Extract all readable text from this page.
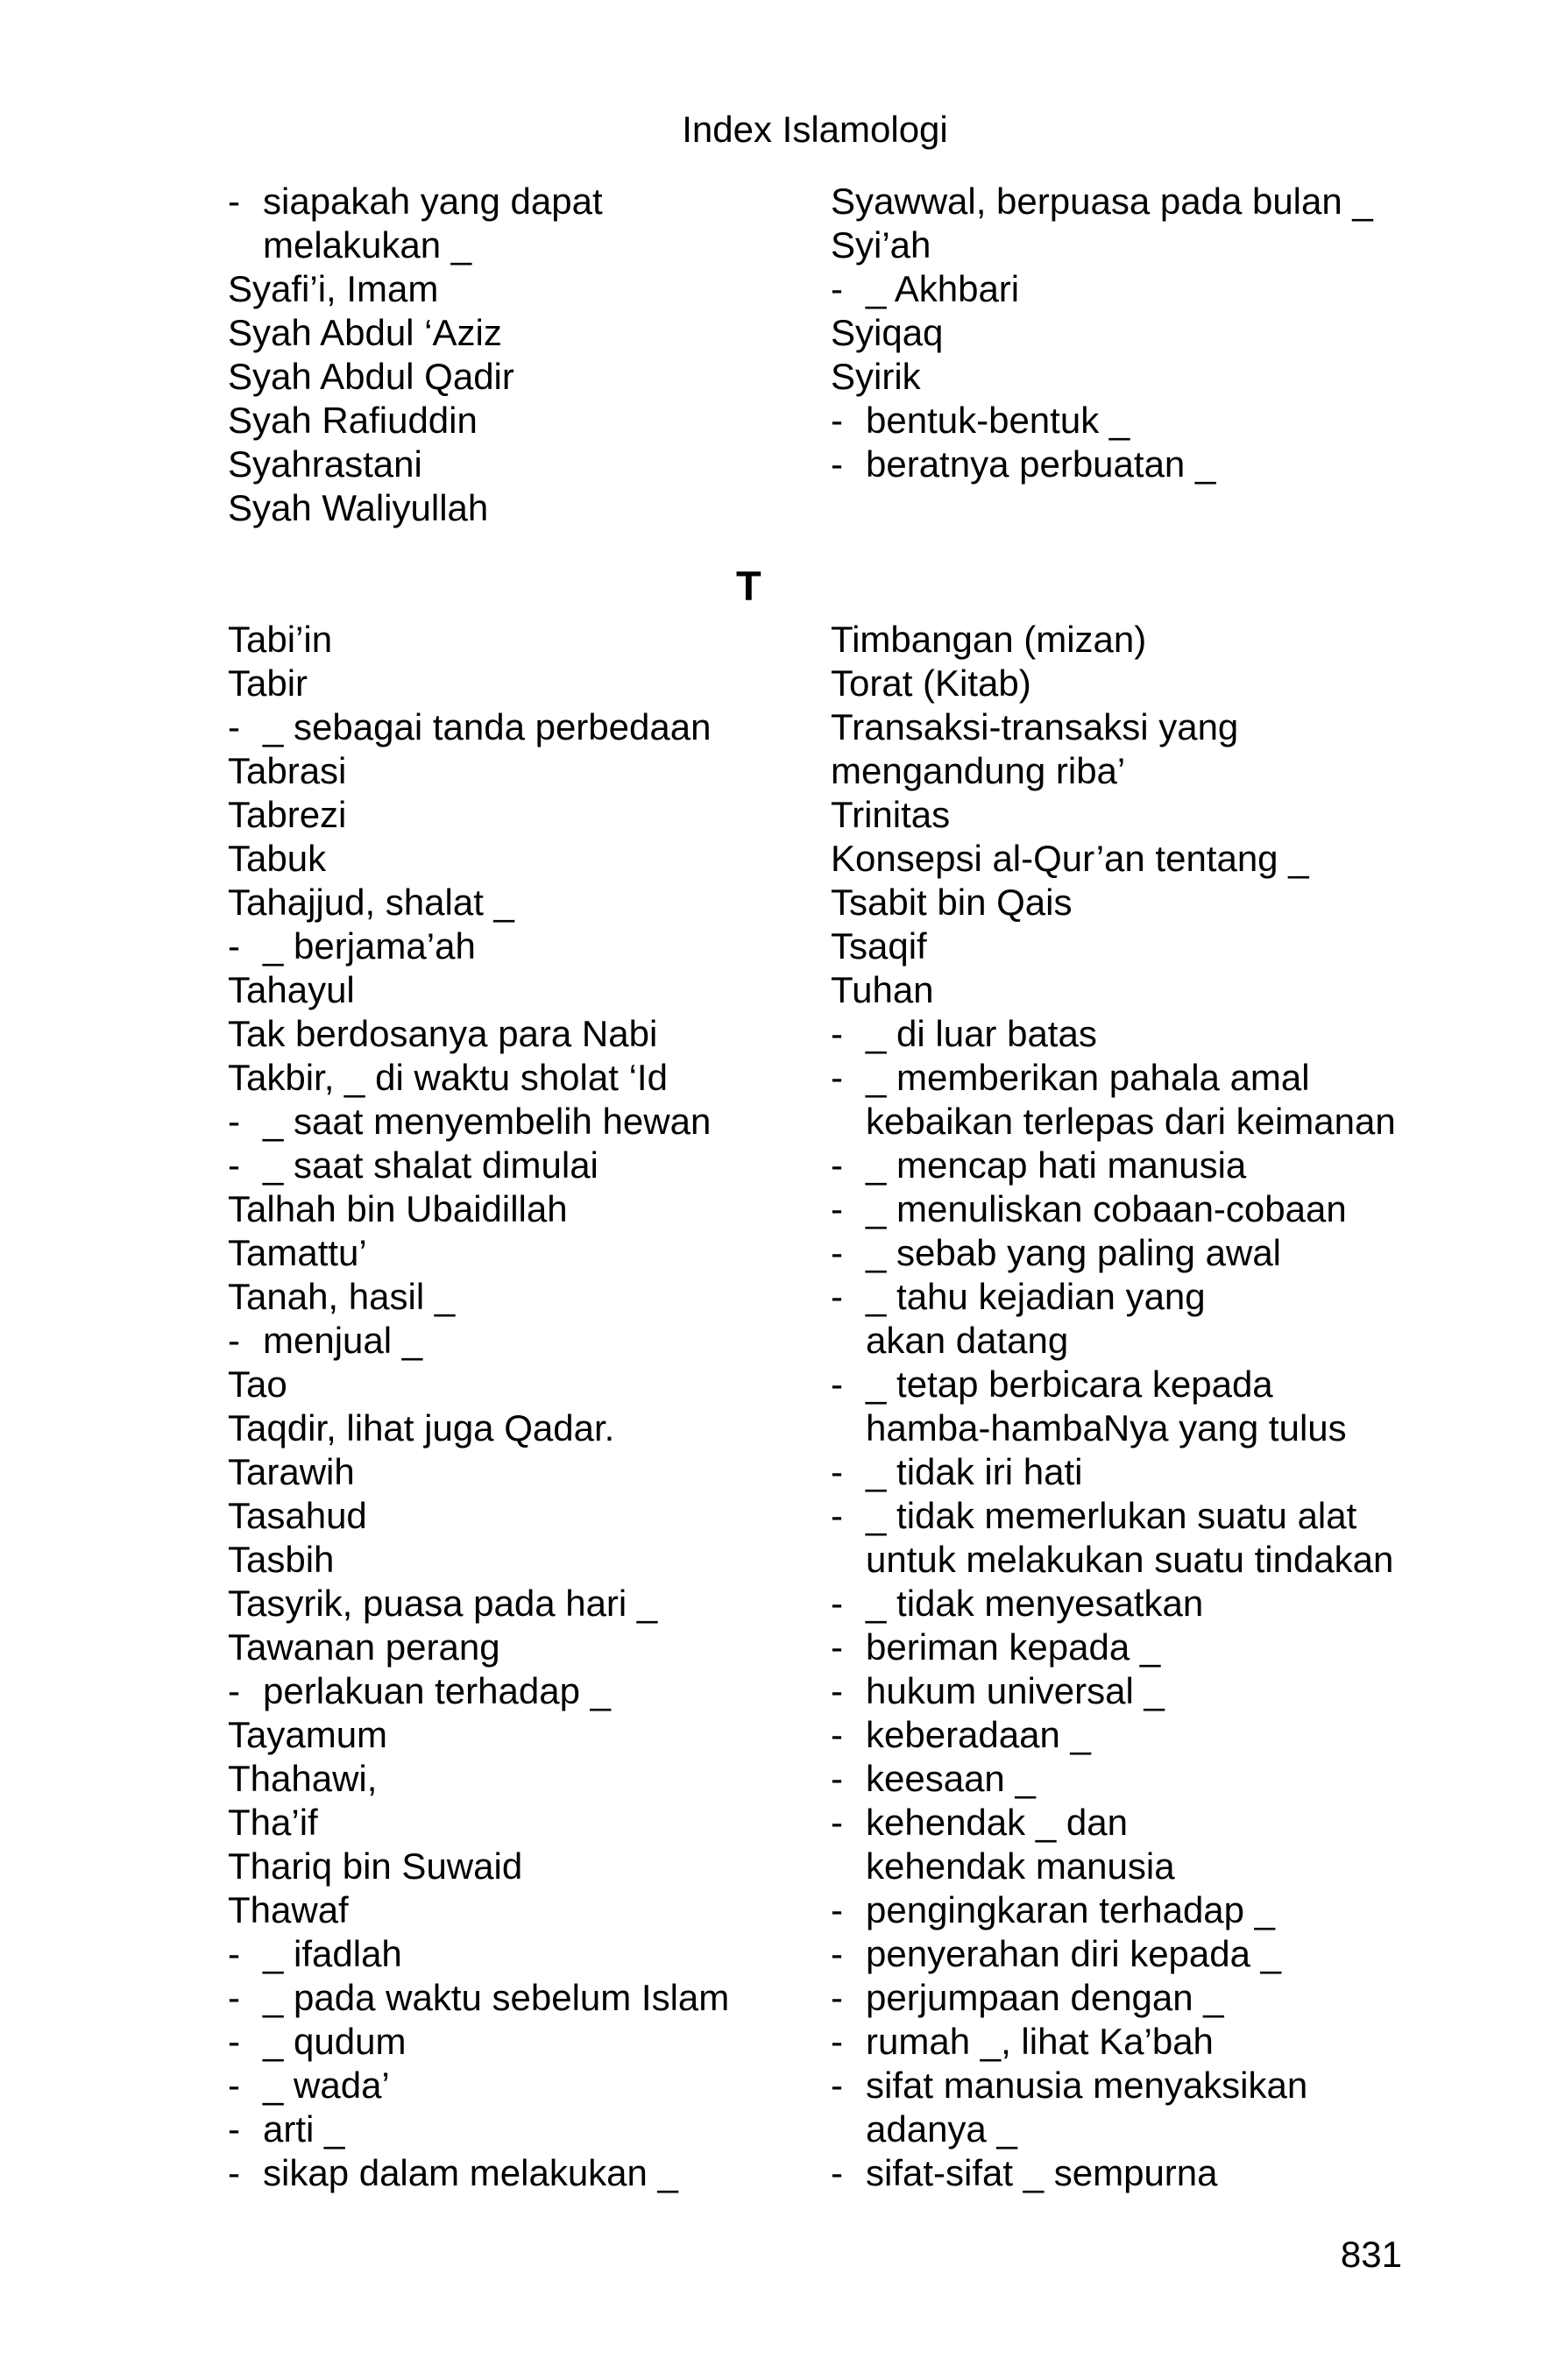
Index Islamologi
- siapakah yang dapat
melakukan _
Syafi’i, Imam
Syah Abdul ‘Aziz
Syah Abdul Qadir
Syah Rafiuddin
Syahrastani
Syah Waliyullah
Syawwal, berpuasa pada bulan _
Syi’ah
- _ Akhbari
Syiqaq
Syirik
- bentuk-bentuk _
- beratnya perbuatan _
T
Tabi’in
Tabir
- _ sebagai tanda perbedaan
Tabrasi
Tabrezi
Tabuk
Tahajjud, shalat _
- _ berjama’ah
Tahayul
Tak berdosanya para Nabi
Takbir, _ di waktu sholat ‘Id
- _ saat menyembelih hewan
- _ saat shalat dimulai
Talhah bin Ubaidillah
Tamattu’
Tanah, hasil _
- menjual _
Tao
Taqdir, lihat juga Qadar.
Tarawih
Tasahud
Tasbih
Tasyrik, puasa pada hari _
Tawanan perang
- perlakuan terhadap _
Tayamum
Thahawi,
Tha’if
Thariq bin Suwaid
Thawaf
- _ ifadlah
- _ pada waktu sebelum Islam
- _ qudum
- _ wada’
- arti _
- sikap dalam melakukan _
Timbangan (mizan)
Torat (Kitab)
Transaksi-transaksi yang
mengandung riba’
Trinitas
Konsepsi al-Qur’an tentang _
Tsabit bin Qais
Tsaqif
Tuhan
- _ di luar batas
- _ memberikan pahala amal
kebaikan terlepas dari keimanan
- _ mencap hati manusia
- _ menuliskan cobaan-cobaan
- _ sebab yang paling awal
- _ tahu kejadian yang
akan datang
- _ tetap berbicara kepada
hamba-hambaNya yang tulus
- _ tidak iri hati
- _ tidak memerlukan suatu alat
untuk melakukan suatu tindakan
- _ tidak menyesatkan
- beriman kepada _
- hukum universal _
- keberadaan _
- keesaan _
- kehendak _ dan
kehendak manusia
- pengingkaran terhadap _
- penyerahan diri kepada _
- perjumpaan dengan _
- rumah _, lihat Ka’bah
- sifat manusia menyaksikan
adanya _
- sifat-sifat _ sempurna
831
